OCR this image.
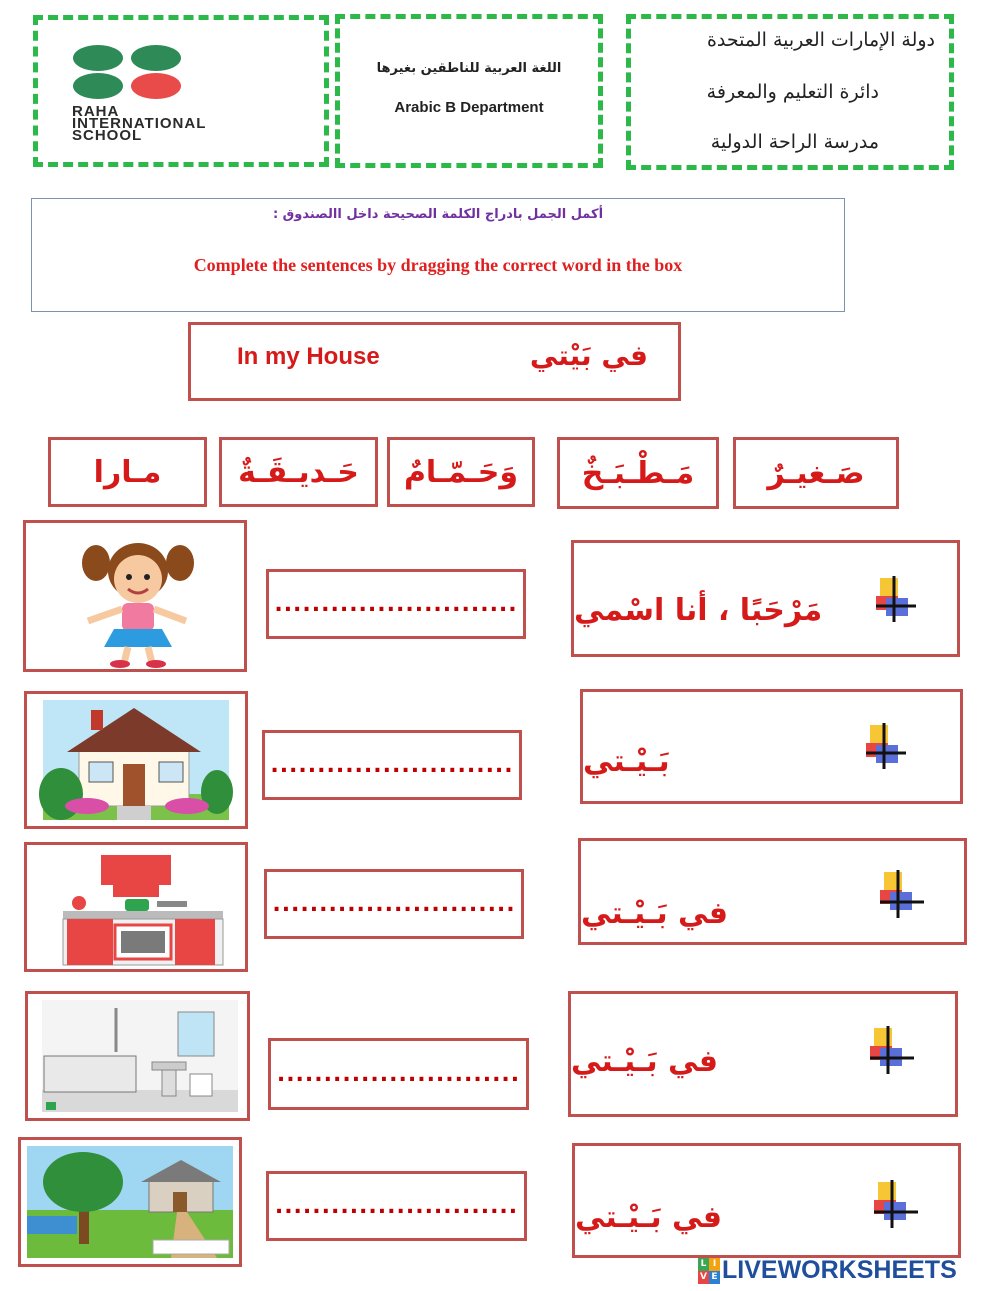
RAHA
INTERNATIONAL
SCHOOL
اللغة العربية للناطقين بغيرها
Arabic B Department
دولة الإمارات العربية المتحدة
دائرة التعليم والمعرفة
مدرسة الراحة الدولية
أكمل الجمل بادراج الكلمة الصحيحة داخل االصندوق :
Complete the sentences by dragging the correct word in the box
In my House	في بَيْتي
مـارا	حَـديـقَـةٌ	وَحَـمّـامٌ	مَـطْـبَـخٌ	صَـغيـرٌ
.......................... مَرْحَبًا ، أنا اسْمي
.......................... بَـيْـتي
.......................... في بَـيْـتي
.......................... في بَـيْـتي
.......................... في بَـيْـتي
L I
V E LIVEWORKSHEETS
